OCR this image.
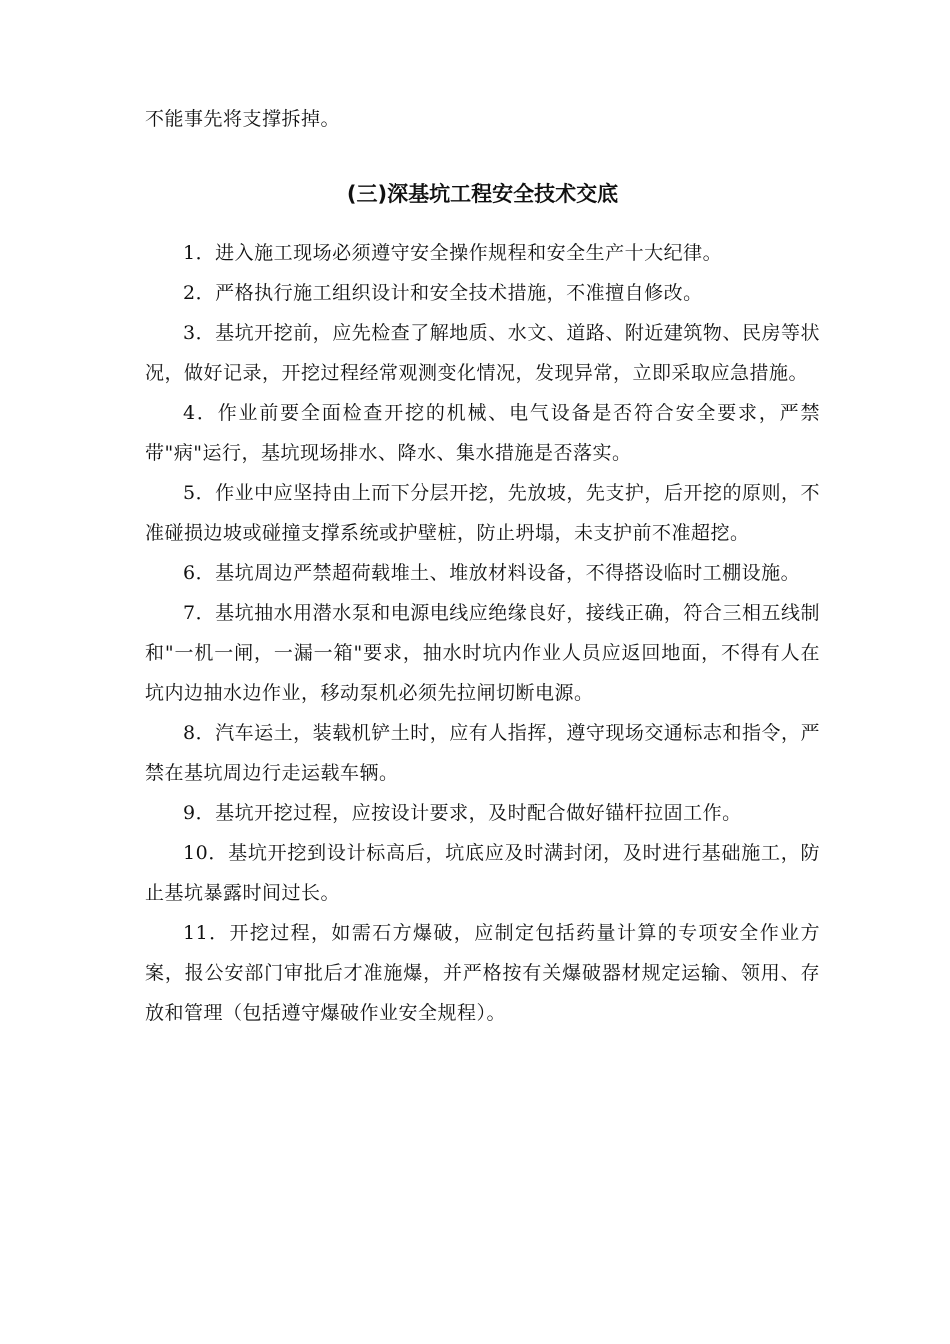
不能事先将支撑拆掉。

(三)深基坑工程安全技术交底

1．进入施工现场必须遵守安全操作规程和安全生产十大纪律。

2．严格执行施工组织设计和安全技术措施，不准擅自修改。

3．基坑开挖前，应先检查了解地质、水文、道路、附近建筑物、民房等状况，做好记录，开挖过程经常观测变化情况，发现异常，立即采取应急措施。

4．作业前要全面检查开挖的机械、电气设备是否符合安全要求，严禁带"病"运行，基坑现场排水、降水、集水措施是否落实。

5．作业中应坚持由上而下分层开挖，先放坡，先支护，后开挖的原则，不准碰损边坡或碰撞支撑系统或护壁桩，防止坍塌，未支护前不准超挖。

6．基坑周边严禁超荷载堆土、堆放材料设备，不得搭设临时工棚设施。

7．基坑抽水用潜水泵和电源电线应绝缘良好，接线正确，符合三相五线制和"一机一闸，一漏一箱"要求，抽水时坑内作业人员应返回地面，不得有人在坑内边抽水边作业，移动泵机必须先拉闸切断电源。

8．汽车运土，装载机铲土时，应有人指挥，遵守现场交通标志和指令，严禁在基坑周边行走运载车辆。

9．基坑开挖过程，应按设计要求，及时配合做好锚杆拉固工作。

10．基坑开挖到设计标高后，坑底应及时满封闭，及时进行基础施工，防止基坑暴露时间过长。

11．开挖过程，如需石方爆破，应制定包括药量计算的专项安全作业方案，报公安部门审批后才准施爆，并严格按有关爆破器材规定运输、领用、存放和管理（包括遵守爆破作业安全规程）。
